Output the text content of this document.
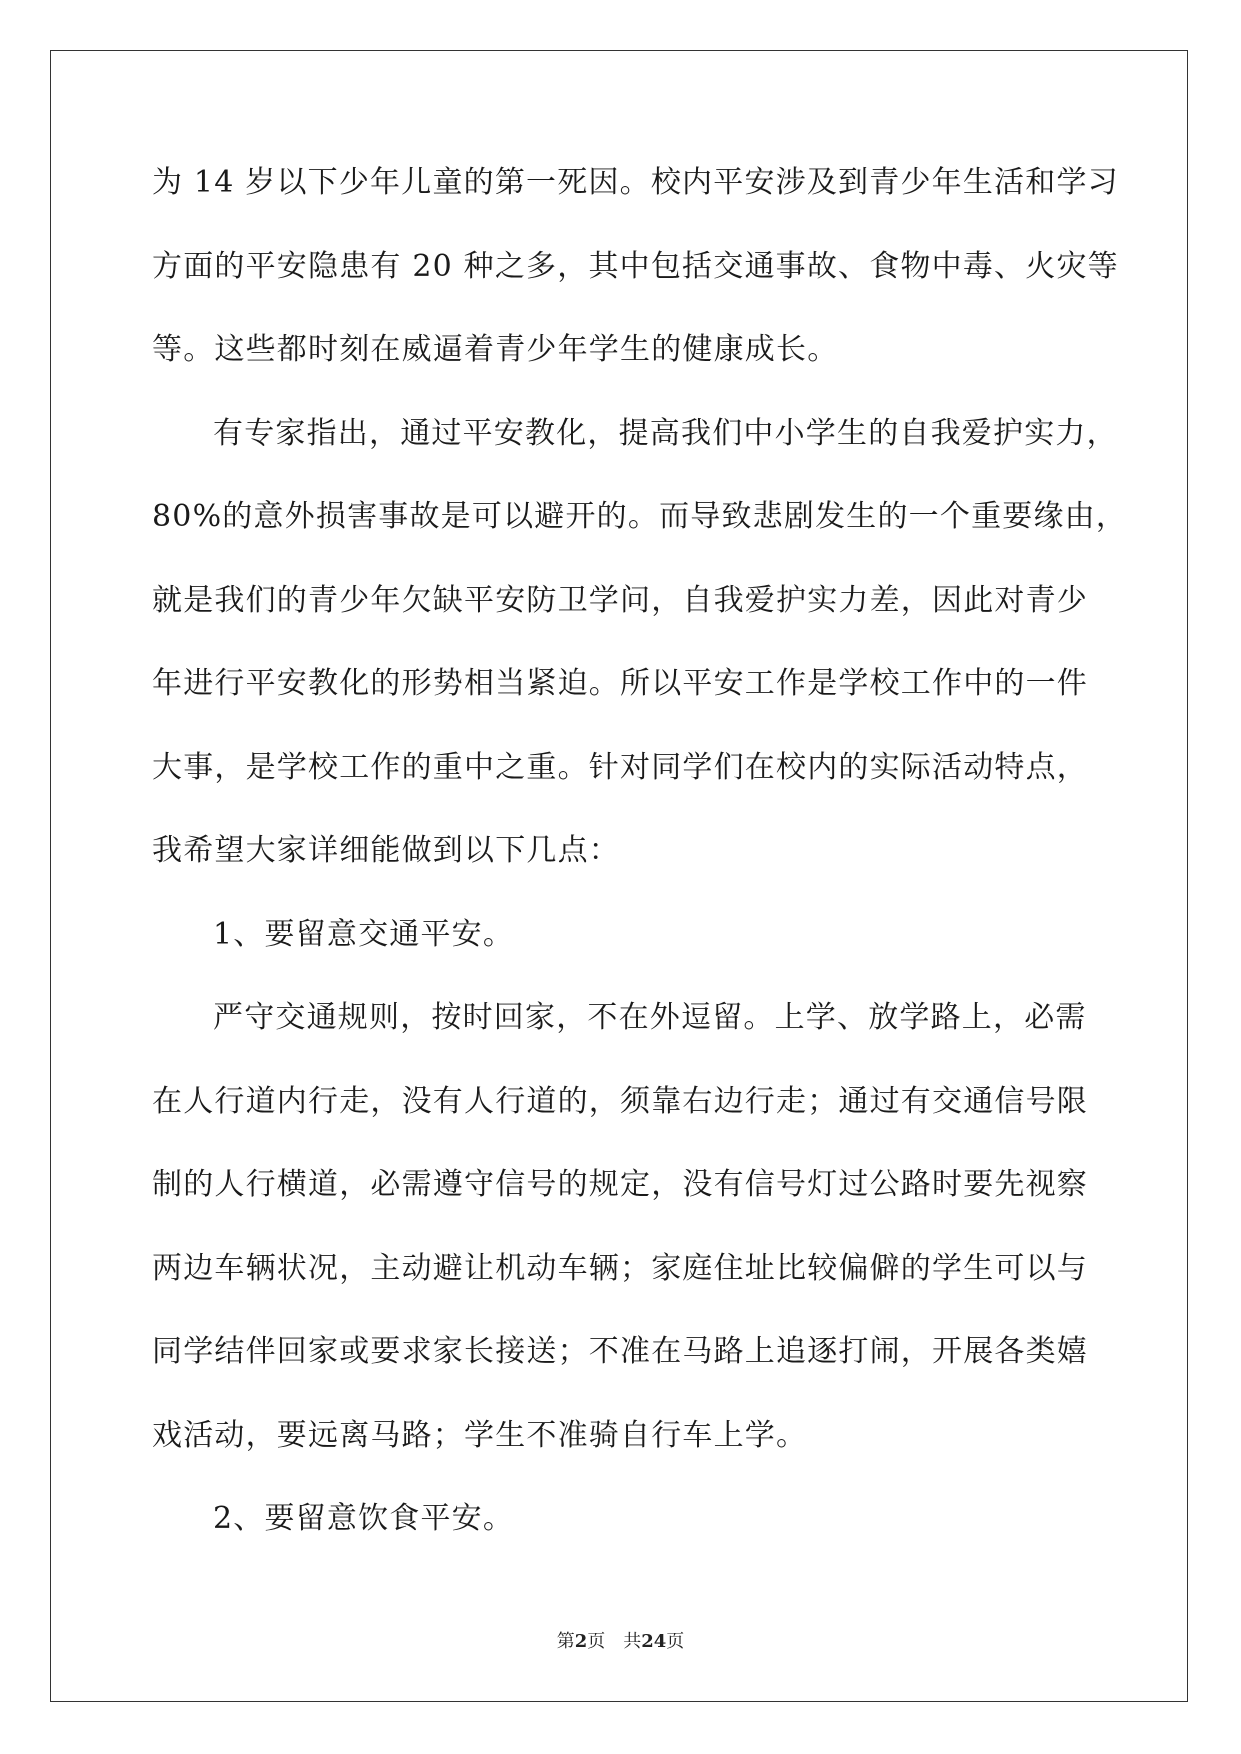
为 14 岁以下少年儿童的第一死因。校内平安涉及到青少年生活和学习
方面的平安隐患有 20 种之多，其中包括交通事故、食物中毒、火灾等
等。这些都时刻在威逼着青少年学生的健康成长。
有专家指出，通过平安教化，提高我们中小学生的自我爱护实力，
80%的意外损害事故是可以避开的。而导致悲剧发生的一个重要缘由，
就是我们的青少年欠缺平安防卫学问，自我爱护实力差，因此对青少
年进行平安教化的形势相当紧迫。所以平安工作是学校工作中的一件
大事，是学校工作的重中之重。针对同学们在校内的实际活动特点，
我希望大家详细能做到以下几点：
1、要留意交通平安。
严守交通规则，按时回家，不在外逗留。上学、放学路上，必需
在人行道内行走，没有人行道的，须靠右边行走；通过有交通信号限
制的人行横道，必需遵守信号的规定，没有信号灯过公路时要先视察
两边车辆状况，主动避让机动车辆；家庭住址比较偏僻的学生可以与
同学结伴回家或要求家长接送；不准在马路上追逐打闹，开展各类嬉
戏活动，要远离马路；学生不准骑自行车上学。
2、要留意饮食平安。
第2页 共24页
